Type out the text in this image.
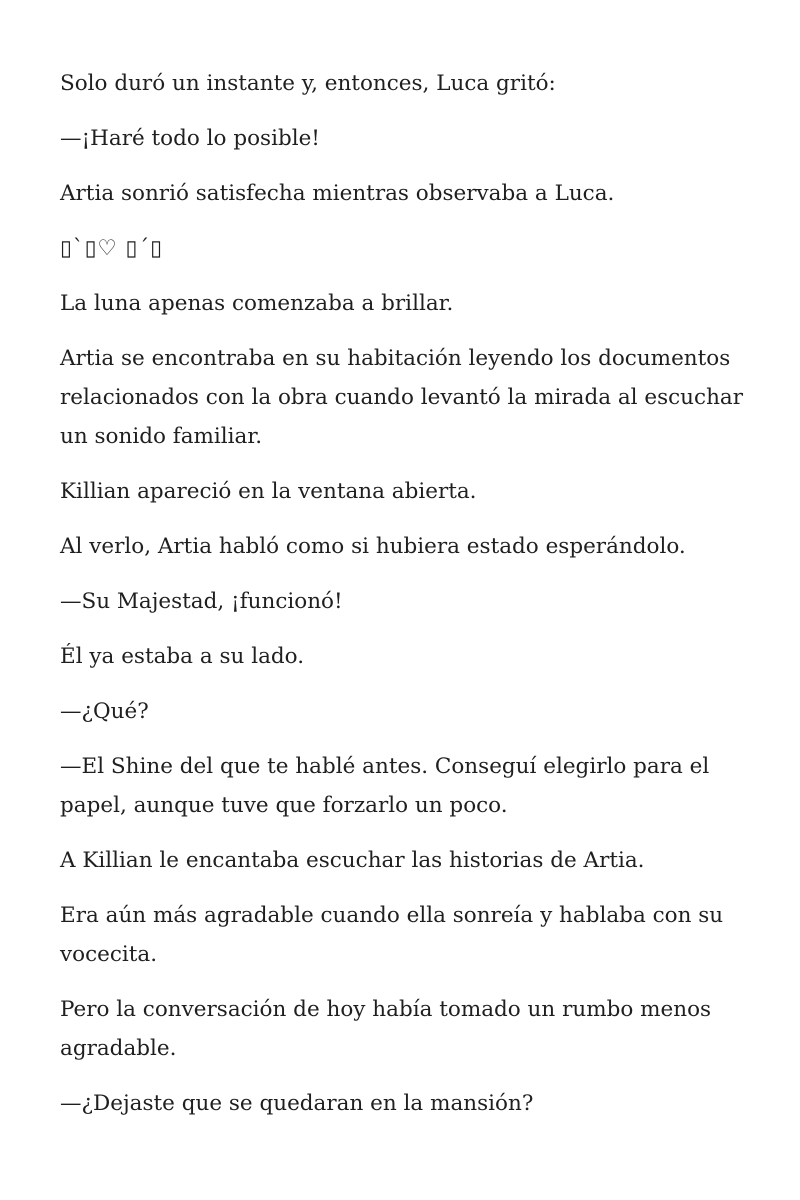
Solo duró un instante y, entonces, Luca gritó:

—¡Haré todo lo posible!

Artia sonrió satisfecha mientras observaba a Luca.

▯`▯♡ ▯´▯

La luna apenas comenzaba a brillar.

Artia se encontraba en su habitación leyendo los documentos relacionados con la obra cuando levantó la mirada al escuchar un sonido familiar.

Killian apareció en la ventana abierta.

Al verlo, Artia habló como si hubiera estado esperándolo.

—Su Majestad, ¡funcionó!

Él ya estaba a su lado.

—¿Qué?

—El Shine del que te hablé antes. Conseguí elegirlo para el papel, aunque tuve que forzarlo un poco.

A Killian le encantaba escuchar las historias de Artia.

Era aún más agradable cuando ella sonreía y hablaba con su vocecita.

Pero la conversación de hoy había tomado un rumbo menos agradable.

—¿Dejaste que se quedaran en la mansión?
